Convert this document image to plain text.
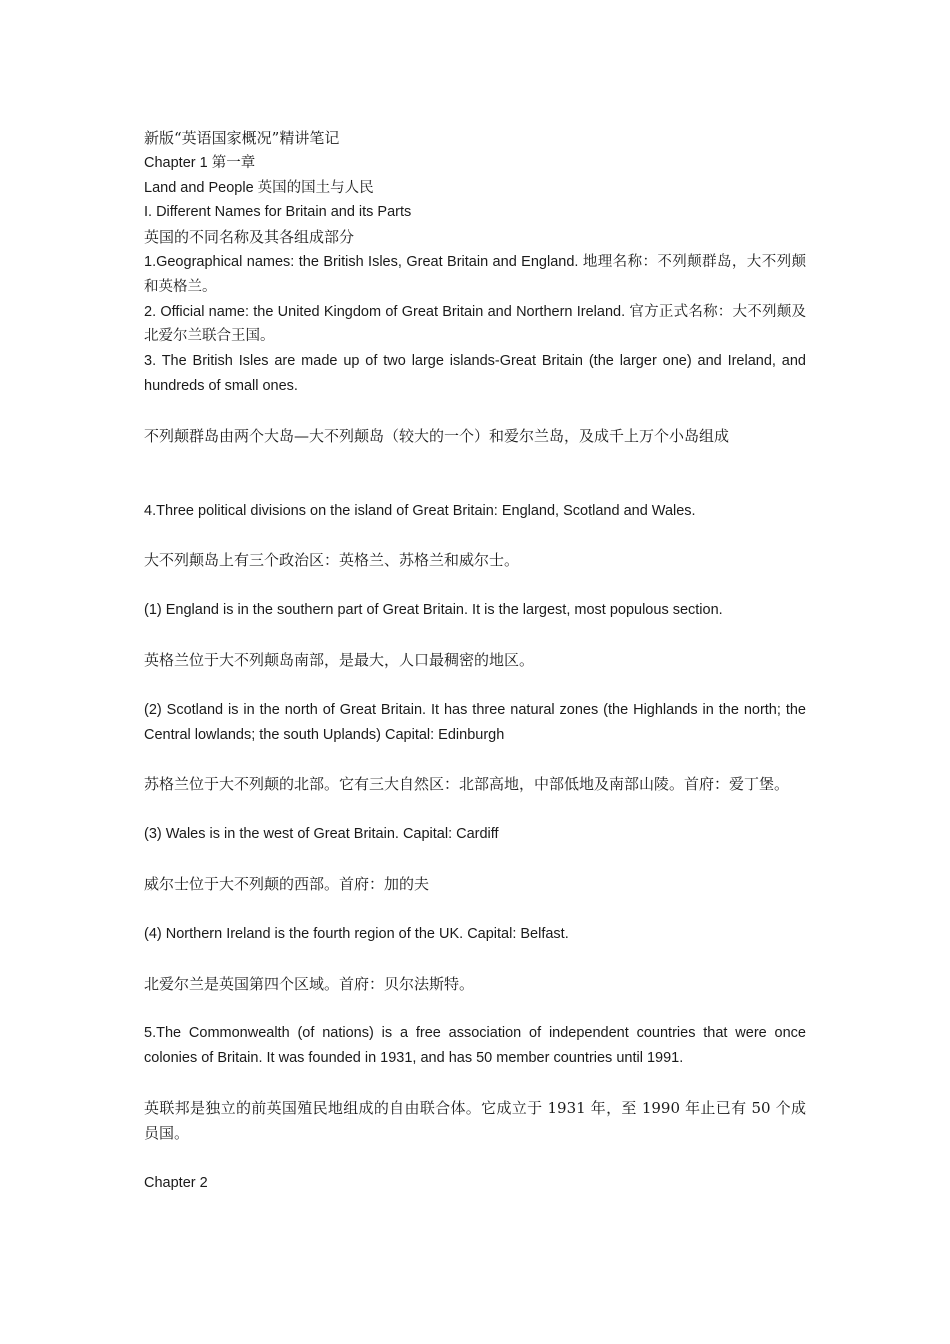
新版“英语国家概况”精讲笔记

Chapter 1 第一章

Land and People 英国的国土与人民

I. Different Names for Britain and its Parts

英国的不同名称及其各组成部分

1.Geographical names: the British Isles, Great Britain and England. 地理名称：不列颠群岛，大不列颠和英格兰。

2. Official name: the United Kingdom of Great Britain and Northern Ireland. 官方正式名称：大不列颠及北爱尔兰联合王国。

3. The British Isles are made up of two large islands-Great Britain (the larger one) and Ireland, and hundreds of small ones.

不列颠群岛由两个大岛—大不列颠岛（较大的一个）和爱尔兰岛，及成千上万个小岛组成

4.Three political divisions on the island of Great Britain: England, Scotland and Wales.

大不列颠岛上有三个政治区：英格兰、苏格兰和威尔士。

(1) England is in the southern part of Great Britain. It is the largest, most populous section.

英格兰位于大不列颠岛南部，是最大，人口最稠密的地区。

(2) Scotland is in the north of Great Britain. It has three natural zones (the Highlands in the north; the Central lowlands; the south Uplands) Capital: Edinburgh

苏格兰位于大不列颠的北部。它有三大自然区：北部高地，中部低地及南部山陵。首府：爱丁堡。

(3) Wales is in the west of Great Britain. Capital: Cardiff

威尔士位于大不列颠的西部。首府：加的夫

(4) Northern Ireland is the fourth region of the UK. Capital: Belfast.

北爱尔兰是英国第四个区域。首府：贝尔法斯特。

5.The Commonwealth (of nations) is a free association of independent countries that were once colonies of Britain. It was founded in 1931, and has 50 member countries until 1991.

英联邦是独立的前英国殖民地组成的自由联合体。它成立于 1931 年，至 1990 年止已有 50 个成员国。

Chapter 2
